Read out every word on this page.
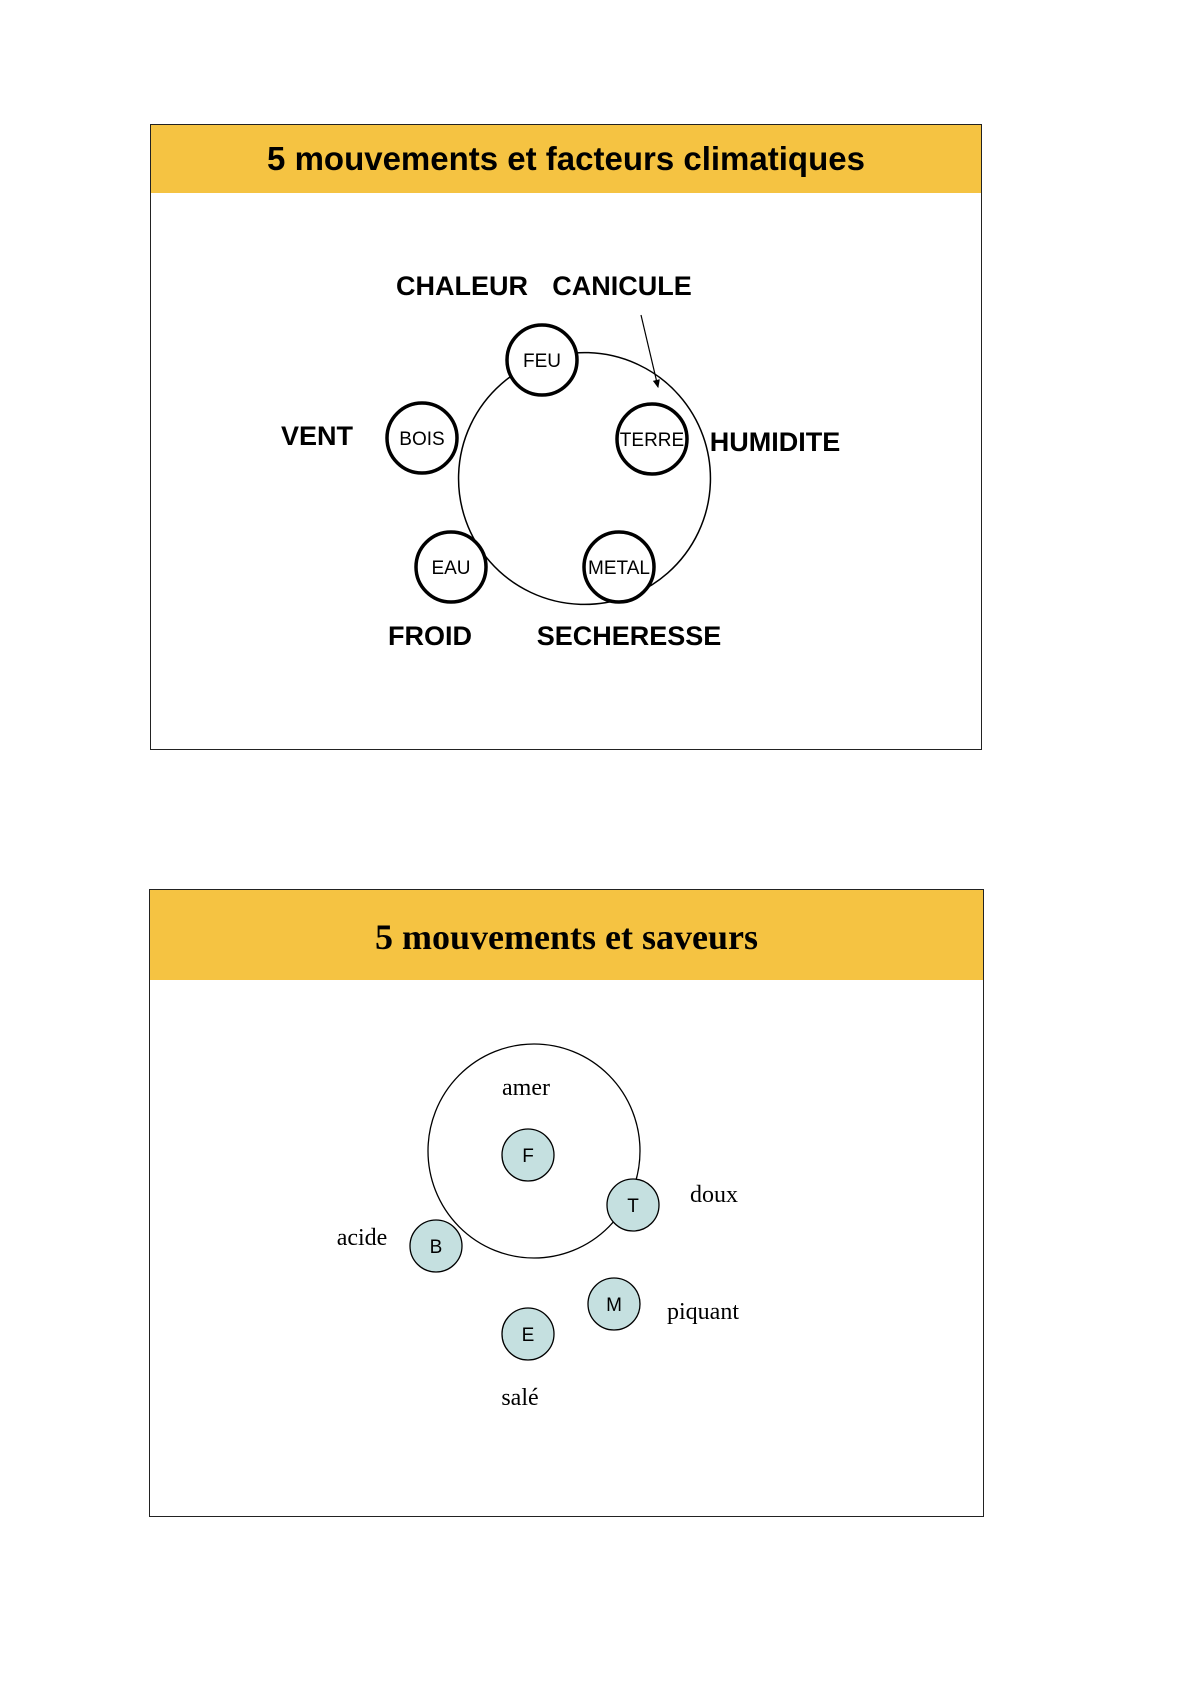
5 mouvements et facteurs climatiques
FEU
TERRE
METAL
EAU
BOIS
CHALEUR CANICULE
HUMIDITE
SECHERESSE
FROID
VENT
5 mouvements et saveurs
F
T
M
E
B
amer
doux
piquant
salé
acide
